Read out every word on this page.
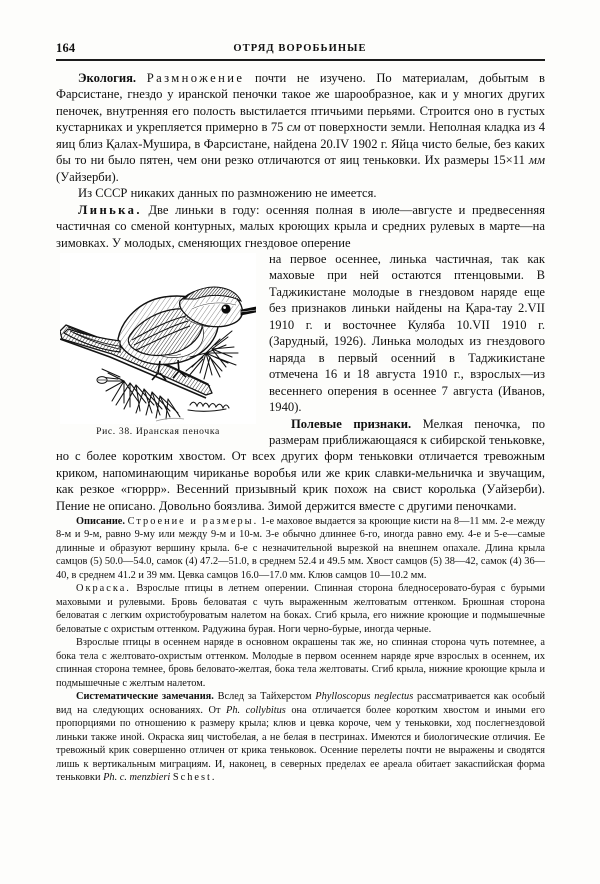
164	ОТРЯД ВОРОБЬИНЫЕ

Экология. Размножение почти не изучено. По материалам, добытым в Фарсистане, гнездо у иранской пеночки такое же шарообразное, как и у многих других пеночек, внутренняя его полость выстилается птичьими перьями. Строится оно в густых кустарниках и укрепляется примерно в 75 см от поверхности земли. Неполная кладка из 4 яиц близ Қалах-Мушира, в Фарсистане, найдена 20.IV 1902 г. Яйца чисто белые, без каких бы то ни было пятен, чем они резко отличаются от яиц теньковки. Их размеры 15×11 мм (Уайзерби).

Из СССР никаких данных по размножению не имеется.

Линька. Две линьки в году: осенняя полная в июле—августе и предвесенняя частичная со сменой контурных, малых кроющих крыла и средних рулевых в марте—на зимовках. У молодых, сменяющих гнездовое оперение

Рис. 38. Иранская пеночка

на первое осеннее, линька частичная, так как маховые при ней остаются птенцовыми. В Таджикистане молодые в гнездовом наряде еще без признаков линьки найдены на Қара-тау 2.VII 1910 г. и восточнее Куляба 10.VII 1910 г. (Зарудный, 1926). Линька молодых из гнездового наряда в первый осенний в Таджикистане отмечена 16 и 18 августа 1910 г., взрослых—из весеннего оперения в осеннее 7 августа (Иванов, 1940).

Полевые признаки. Мелкая пеночка, по размерам приближающаяся к сибирской теньковке, но с более коротким хвостом. От всех других форм теньковки отличается тревожным криком, напоминающим чириканье воробья или же крик славки-мельничка и звучащим, как резкое «гюррр». Весенний призывный крик похож на свист королька (Уайзерби). Пение не описано. Довольно боязлива. Зимой держится вместе с другими пеночками.

Описание. Строение и размеры. 1-е маховое выдается за кроющие кисти на 8—11 мм. 2-е между 8-м и 9-м, равно 9-му или между 9-м и 10-м. 3-е обычно длиннее 6-го, иногда равно ему. 4-е и 5-е—самые длинные и образуют вершину крыла. 6-е с незначительной вырезкой на внешнем опахале. Длина крыла самцов (5) 50.0—54.0, самок (4) 47.2—51.0, в среднем 52.4 и 49.5 мм. Хвост самцов (5) 38—42, самок (4) 36—40, в среднем 41.2 и 39 мм. Цевка самцов 16.0—17.0 мм. Клюв самцов 10—10.2 мм.

Окраска. Взрослые птицы в летнем оперении. Спинная сторона бледносеровато-бурая с бурыми маховыми и рулевыми. Бровь беловатая с чуть выраженным желтоватым оттенком. Брюшная сторона беловатая с легким охристобуроватым налетом на боках. Сгиб крыла, его нижние кроющие и подмышечные беловатые с охристым оттенком. Радужина бурая. Ноги черно-бурые, иногда черные.

Взрослые птицы в осеннем наряде в основном окрашены так же, но спинная сторона чуть потемнее, а бока тела с желтовато-охристым оттенком. Молодые в первом осеннем наряде ярче взрослых в осеннем, их спинная сторона темнее, бровь беловато-желтая, бока тела желтоваты. Сгиб крыла, нижние кроющие крыла и подмышечные с желтым налетом.

Систематические замечания. Вслед за Тайхерстом Phylloscopus neglectus рассматривается как особый вид на следующих основаниях. От Ph. collybitus она отличается более коротким хвостом и иными его пропорциями по отношению к размеру крыла; клюв и цевка короче, чем у теньковки, ход послегнездовой линьки также иной. Окраска яиц чистобелая, а не белая в пестринах. Имеются и биологические отличия. Ее тревожный крик совершенно отличен от крика теньковок. Осенние перелеты почти не выражены и сводятся лишь к вертикальным миграциям. И, наконец, в северных пределах ее ареала обитает закаспийская форма теньковки Ph. c. menzbieri Schest.
